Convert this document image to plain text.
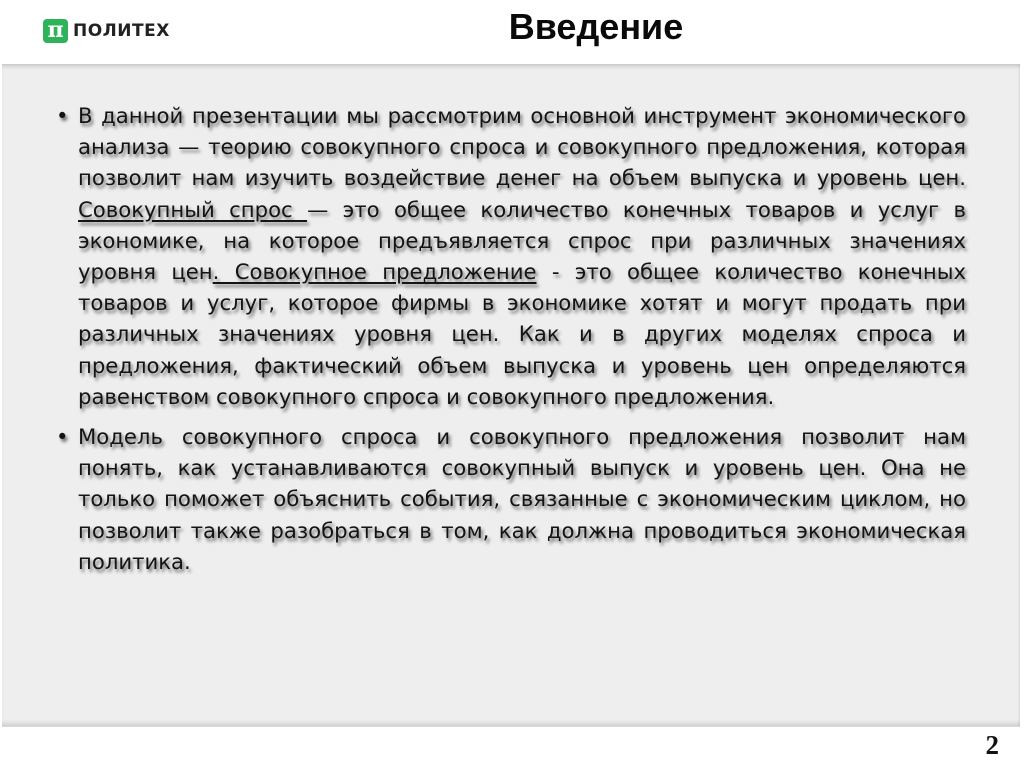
π ПОЛИТЕХ	Введение

• В данной презентации мы рассмотрим основной инструмент экономического анализа — теорию совокупного спроса и совокупного предложения, которая позволит нам изучить воздействие денег на объем выпуска и уровень цен. Совокупный спрос — это общее количество конечных товаров и услуг в экономике, на которое предъявляется спрос при различных значениях уровня цен. Совокупное предложение - это общее количество конечных товаров и услуг, которое фирмы в экономике хотят и могут продать при различных значениях уровня цен. Как и в других моделях спроса и предложения, фактический объем выпуска и уровень цен определяются равенством совокупного спроса и совокупного предложения.

• Модель совокупного спроса и совокупного предложения позволит нам понять, как устанавливаются совокупный выпуск и уровень цен. Она не только поможет объяснить события, связанные с экономическим циклом, но позволит также разобраться в том, как должна проводиться экономическая политика.

2
